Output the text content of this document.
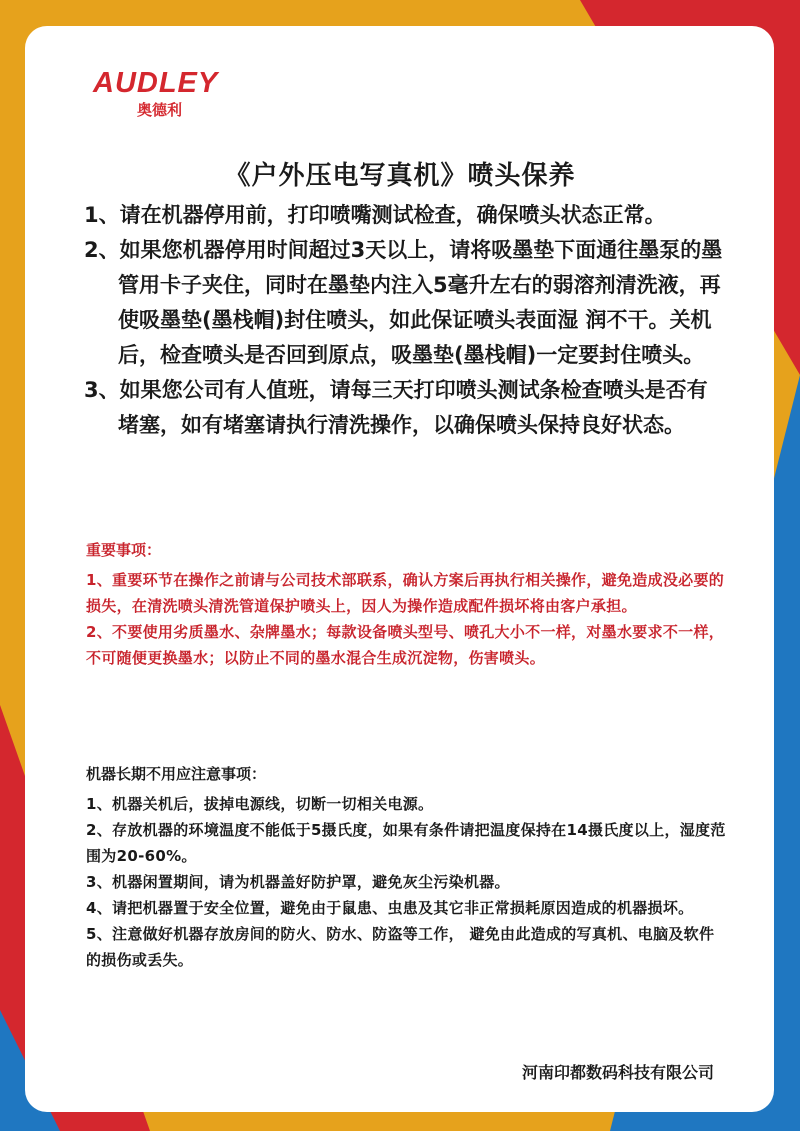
AUDLEY
奥德利
《户外压电写真机》喷头保养
1、请在机器停用前，打印喷嘴测试检查，确保喷头状态正常。
2、如果您机器停用时间超过3天以上，请将吸墨垫下面通往墨泵的墨管用卡子夹住，同时在墨垫内注入5毫升左右的弱溶剂清洗液，再使吸墨垫(墨栈帽)封住喷头，如此保证喷头表面湿 润不干。关机后，检查喷头是否回到原点，吸墨垫(墨栈帽)一定要封住喷头。
3、如果您公司有人值班，请每三天打印喷头测试条检查喷头是否有堵塞，如有堵塞请执行清洗操作，以确保喷头保持良好状态。
重要事项：
1、重要环节在操作之前请与公司技术部联系，确认方案后再执行相关操作，避免造成没必要的损失，在清洗喷头清洗管道保护喷头上，因人为操作造成配件损坏将由客户承担。
2、不要使用劣质墨水、杂牌墨水；每款设备喷头型号、喷孔大小不一样，对墨水要求不一样，不可随便更换墨水；以防止不同的墨水混合生成沉淀物，伤害喷头。
机器长期不用应注意事项：
1、机器关机后，拔掉电源线，切断一切相关电源。
2、存放机器的环境温度不能低于5摄氏度，如果有条件请把温度保持在14摄氏度以上，湿度范围为20-60%。
3、机器闲置期间，请为机器盖好防护罩，避免灰尘污染机器。
4、请把机器置于安全位置，避免由于鼠患、虫患及其它非正常损耗原因造成的机器损坏。
5、注意做好机器存放房间的防火、防水、防盗等工作， 避免由此造成的写真机、电脑及软件的损伤或丢失。
河南印都数码科技有限公司
